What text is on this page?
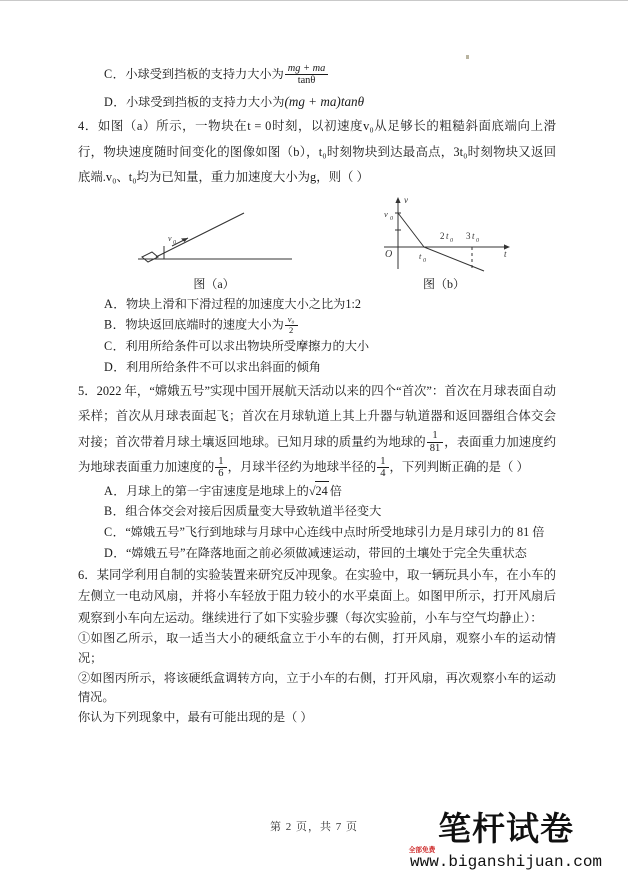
C．小球受到挡板的支持力大小为 $\frac{mg + ma}{\tan\theta}$

D．小球受到挡板的支持力大小为(mg + ma)tanθ

4．如图（a）所示，一物块在t = 0时刻，以初速度v₀从足够长的粗糙斜面底端向上滑行，物块速度随时间变化的图像如图（b），t₀时刻物块到达最高点，3t₀时刻物块又返回底端.v₀、t₀均为已知量，重力加速度大小为g，则（ ）

v 0
v
t
O
v 0
t 0
2 t 0 3 t 0
图（a）	图（b）

A．物块上滑和下滑过程的加速度大小之比为1:2

B．物块返回底端时的速度大小为 $\frac{\text{v₀}}{2}$

C．利用所给条件可以求出物块所受摩擦力的大小

D．利用所给条件不可以求出斜面的倾角

5．2022 年，“嫦娥五号”实现中国开展航天活动以来的四个“首次”：首次在月球表面自动采样；首次从月球表面起飞；首次在月球轨道上其上升器与轨道器和返回器组合体交会对接；首次带着月球土壤返回地球。已知月球的质量约为地球的 $\frac{1}{81}$ ，表面重力加速度约为地球表面重力加速度的 $\frac{1}{6}$ ，月球半径约为地球半径的 $\frac{1}{4}$ ，下列判断正确的是（ ）

A．月球上的第一宇宙速度是地球上的√24  倍

B．组合体交会对接后因质量变大导致轨道半径变大

C．“嫦娥五号”飞行到地球与月球中心连线中点时所受地球引力是月球引力的 81 倍

D．“嫦娥五号”在降落地面之前必须做减速运动，带回的土壤处于完全失重状态

6．某同学利用自制的实验装置来研究反冲现象。在实验中，取一辆玩具小车，在小车的左侧立一电动风扇，并将小车轻放于阻力较小的水平桌面上。如图甲所示，打开风扇后观察到小车向左运动。继续进行了如下实验步骤（每次实验前，小车与空气均静止）：

①如图乙所示，取一适当大小的硬纸盒立于小车的右侧，打开风扇，观察小车的运动情况；

②如图丙所示，将该硬纸盒调转方向，立于小车的右侧，打开风扇，再次观察小车的运动情况。

你认为下列现象中，最有可能出现的是（ ）

第 2 页，共 7 页
全部免费
笔杆试卷
www.biganshijuan.com
